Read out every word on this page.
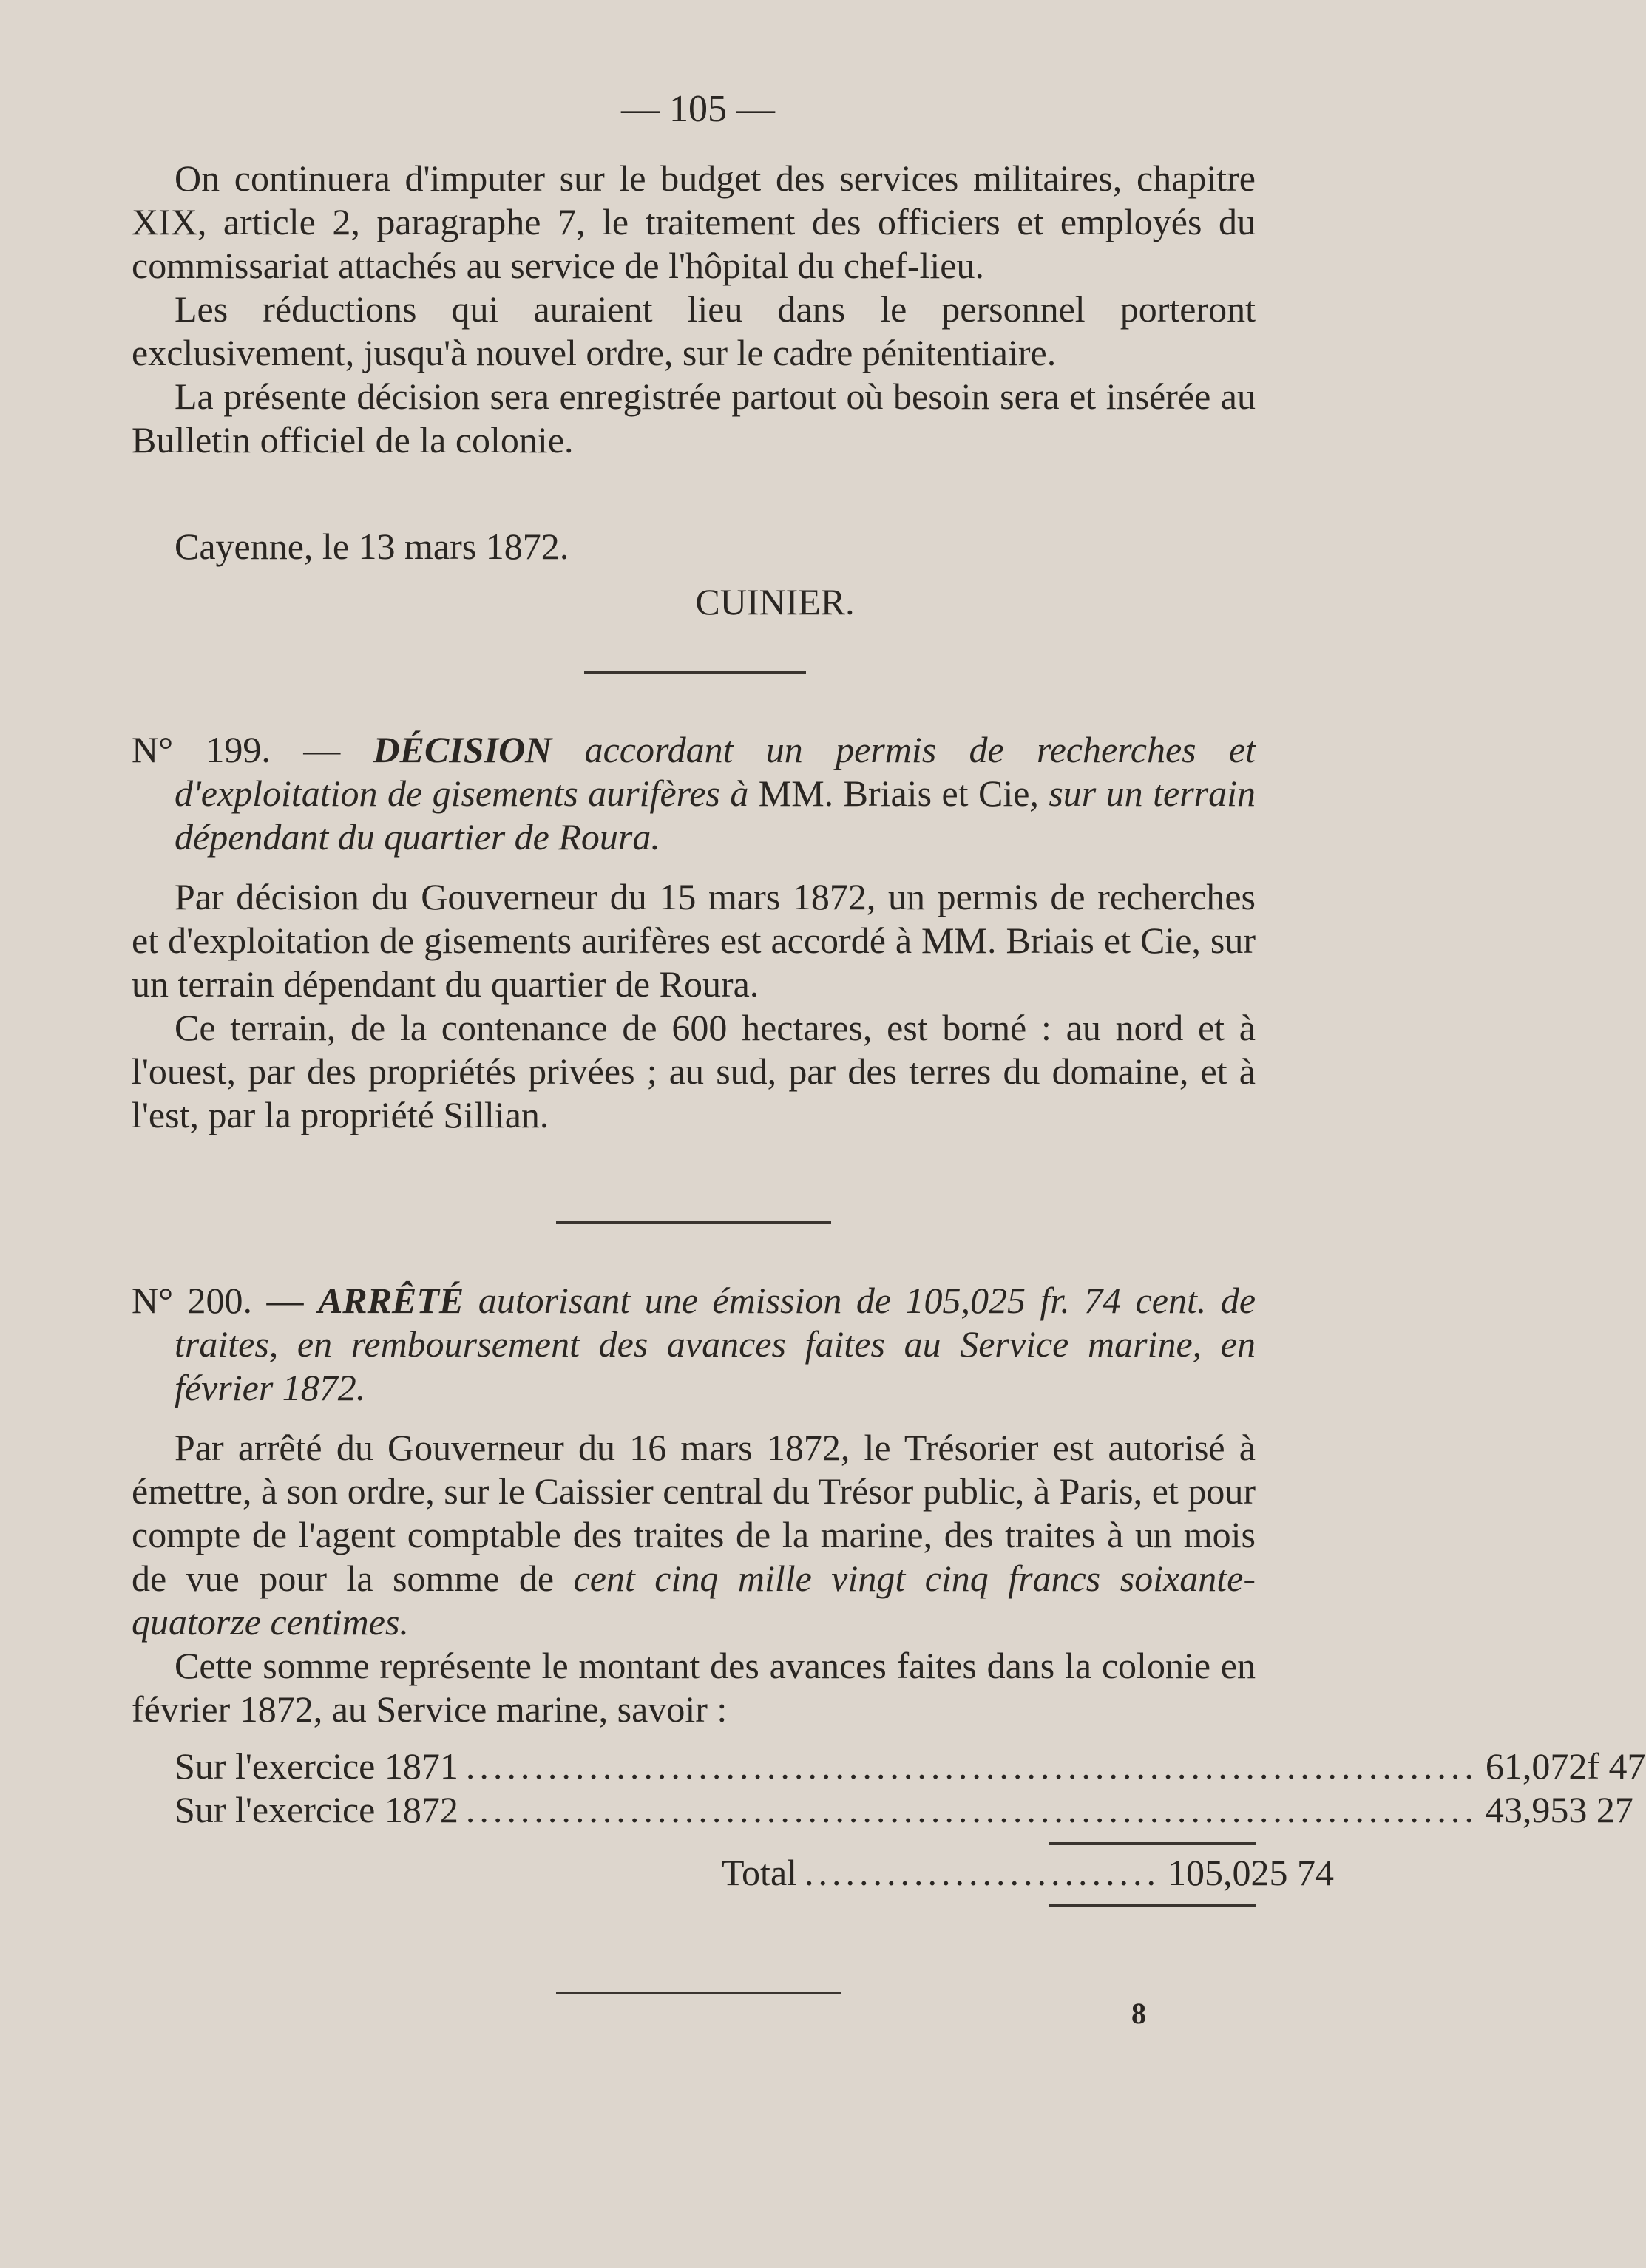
— 105 —

On continuera d'imputer sur le budget des services militaires, chapitre XIX, article 2, paragraphe 7, le traitement des officiers et employés du commissariat attachés au service de l'hôpital du chef-lieu.

Les réductions qui auraient lieu dans le personnel porteront exclusivement, jusqu'à nouvel ordre, sur le cadre pénitentiaire.

La présente décision sera enregistrée partout où besoin sera et insérée au Bulletin officiel de la colonie.

Cayenne, le 13 mars 1872.

CUINIER.

N° 199. — DÉCISION accordant un permis de recherches et d'exploitation de gisements aurifères à MM. Briais et Cie, sur un terrain dépendant du quartier de Roura.

Par décision du Gouverneur du 15 mars 1872, un permis de recherches et d'exploitation de gisements aurifères est accordé à MM. Briais et Cie, sur un terrain dépendant du quartier de Roura.

Ce terrain, de la contenance de 600 hectares, est borné : au nord et à l'ouest, par des propriétés privées ; au sud, par des terres du domaine, et à l'est, par la propriété Sillian.

N° 200. — ARRÊTÉ autorisant une émission de 105,025 fr. 74 cent. de traites, en remboursement des avances faites au Service marine, en février 1872.

Par arrêté du Gouverneur du 16 mars 1872, le Trésorier est autorisé à émettre, à son ordre, sur le Caissier central du Trésor public, à Paris, et pour compte de l'agent comptable des traites de la marine, des traites à un mois de vue pour la somme de cent cinq mille vingt cinq francs soixante-quatorze centimes.

Cette somme représente le montant des avances faites dans la colonie en février 1872, au Service marine, savoir :

Sur l'exercice 1871 .......................................................................... 61,072f 47
Sur l'exercice 1872 .......................................................................... 43,953 27
Total .......................... 105,025 74
8
